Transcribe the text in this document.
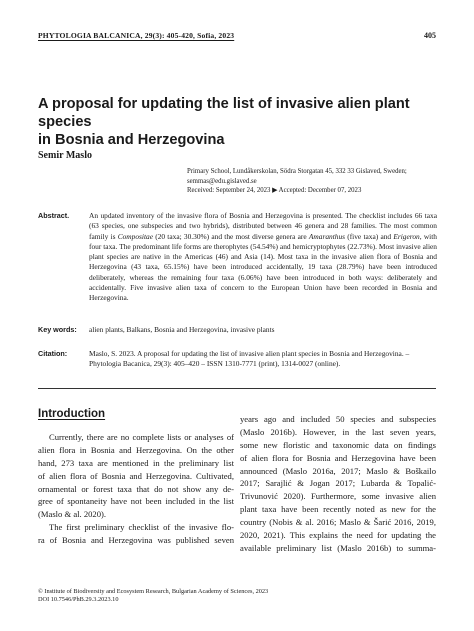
PHYTOLOGIA BALCANICA, 29(3): 405-420, Sofia, 2023	405
A proposal for updating the list of invasive alien plant species
in Bosnia and Herzegovina
Semir Maslo
Primary School, Lundåkerskolan, Södra Storgatan 45, 332 33 Gislaved, Sweden;
semmas@edu.gislaved.se
Received: September 24, 2023 ▶ Accepted: December 07, 2023
Abstract.	An updated inventory of the invasive flora of Bosnia and Herzegovina is presented. The checklist includes 66 taxa (63 species, one subspecies and two hybrids), distributed between 46 genera and 28 families. The most common family is Compositae (20 taxa; 30.30%) and the most diverse genera are Amaranthus (five taxa) and Erigeron, with four taxa. The predominant life forms are therophytes (54.54%) and hemicryptophytes (22.73%). Most invasive alien plant species are native in the Americas (46) and Asia (14). Most taxa in the invasive alien flora of Bosnia and Herzegovina (43 taxa, 65.15%) have been introduced accidentally, 19 taxa (28.79%) have been introduced deliberately, whereas the remaining four taxa (6.06%) have been introduced in both ways: deliberately and accidentally. Five invasive alien taxa of concern to the European Union have been recorded in Bosnia and Herzegovina.
Key words: alien plants, Balkans, Bosnia and Herzegovina, invasive plants
Citation:	Maslo, S. 2023. A proposal for updating the list of invasive alien plant species in Bosnia and Herzegovina. – Phytologia Bacanica, 29(3): 405–420 – ISSN 1310-7771 (print), 1314-0027 (online).
Introduction
Currently, there are no complete lists or analyses of
alien flora in Bosnia and Herzegovina. On the other
hand, 273 taxa are mentioned in the preliminary list
of alien flora of Bosnia and Herzegovina. Cultivated,
ornamental or forest taxa that do not show any de-
gree of spontaneity have not been included in the list
(Maslo & al. 2020).
The first preliminary checklist of the invasive flo-
ra of Bosnia and Herzegovina was published seven
years ago and included 50 species and subspecies
(Maslo 2016b). However, in the last seven years,
some new floristic and taxonomic data on findings
of alien flora for Bosnia and Herzegovina have been
announced (Maslo 2016a, 2017; Maslo & Boškailo
2017; Sarajlić & Jogan 2017; Lubarda & Topalić-
Trivunović 2020). Furthermore, some invasive alien
plant taxa have been recently noted as new for the
country (Nobis & al. 2016; Maslo & Šarić 2016, 2019,
2020, 2021). This explains the need for updating the
available preliminary list (Maslo 2016b) to summa-
© Institute of Biodiversity and Ecosystem Research, Bulgarian Academy of Sciences, 2023
DOI 10.7546/PhB.29.3.2023.10
